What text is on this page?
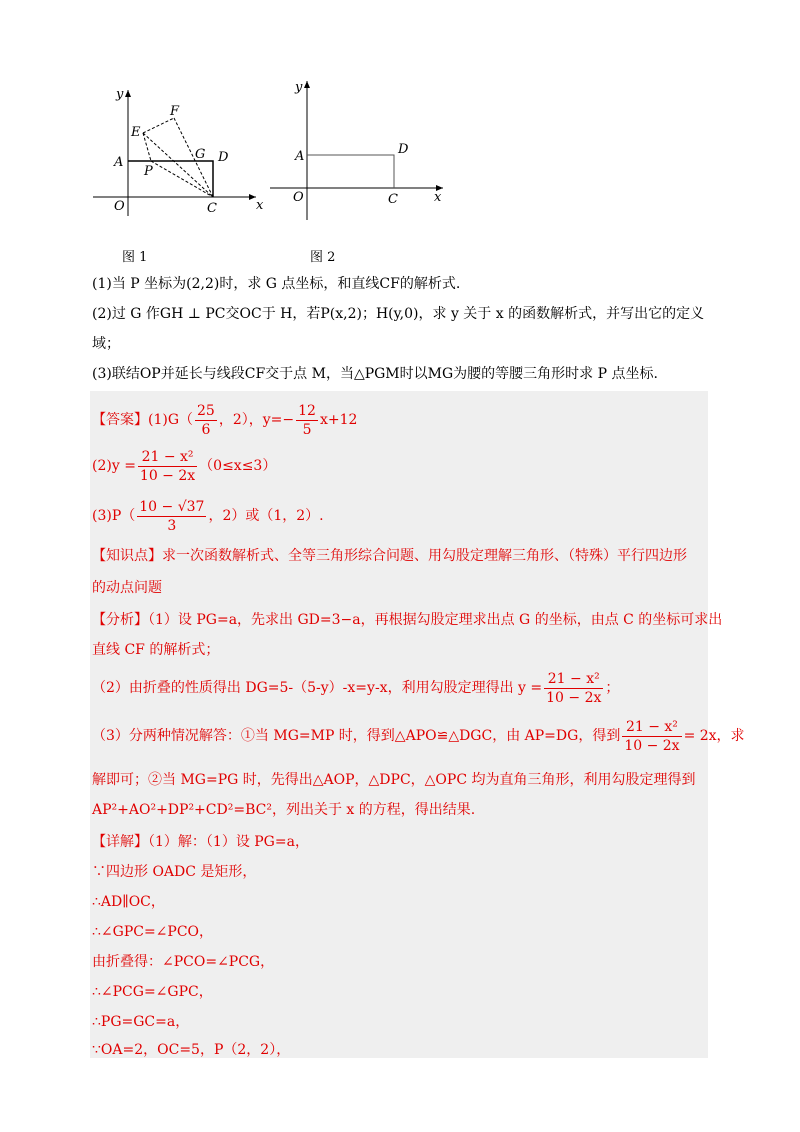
y
x
O
A
E
F
G D
P
C
图 1
y
x
O
A	D
C
图 2
(1)当 P 坐标为(2,2)时，求 G 点坐标，和直线CF的解析式.
(2)过 G 作GH ⊥ PC交OC于 H，若P(x,2)；H(y,0)，求 y 关于 x 的函数解析式，并写出它的定义
域；
(3)联结OP并延长与线段CF交于点 M，当△PGM时以MG为腰的等腰三角形时求 P 点坐标.
【答案】$(1)G( \frac{25}{6}$ ，2），$y=- \frac{12}{5} x+12$
$(2)y = \frac{\text{21 − x²}}{10 - 2x} (0\le x\le 3)$
$(3)P( \frac{10 - √37}{3}$ ，2）或（1，2）.
【知识点】求一次函数解析式、全等三角形综合问题、用勾股定理解三角形、（特殊）平行四边形
的动点问题
【分析】（1）设 PG=a，先求出 GD=3−a，再根据勾股定理求出点 G 的坐标，由点 C 的坐标可求出
直线 CF 的解析式；
（2）由折叠的性质得出 DG=5-（5-y）-x=y-x，利用勾股定理得出 $y = \frac{\text{21 − x²}}{10 - 2x}$ ；
（3）分两种情况解答：①当 MG=MP 时，得到△APO≌△DGC，由 AP=DG，得到 $\frac{\text{21 − x²}}{10 - 2x} = 2x$，求
解即可；②当 MG=PG 时，先得出△AOP，△DPC，△OPC 均为直角三角形，利用勾股定理得到
AP²+AO²+DP²+CD²=BC²，列出关于 x 的方程，得出结果.
【详解】（1）解：（1）设 PG=a，
∵四边形 OADC 是矩形，
∴AD∥OC，
∴∠GPC=∠PCO，
由折叠得：∠PCO=∠PCG，
∴∠PCG=∠GPC，
∴PG=GC=a，
∵OA=2，OC=5，P（2，2），
